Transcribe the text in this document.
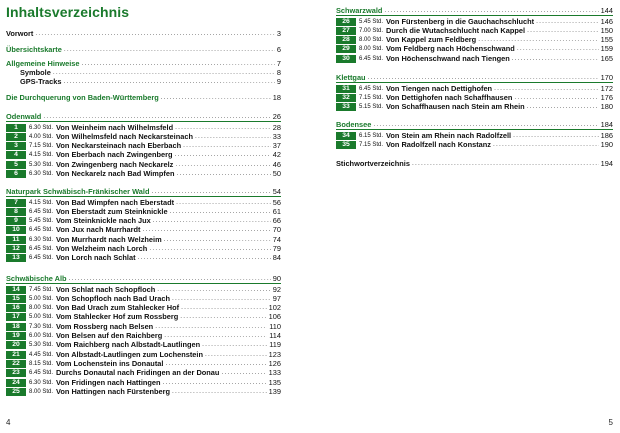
Inhaltsverzeichnis
Vorwort .....	3
Übersichtskarte .....	6
Allgemeine Hinweise .....	7
Symbole .....	8
GPS-Tracks .....	9
Die Durchquerung von Baden-Württemberg .....	18
Odenwald .....	26
1	6.30 Std. Von Weinheim nach Wilhelmsfeld .....	28
2	4.00 Std. Von Wilhelmsfeld nach Neckarsteinach .....	33
3	7.15 Std. Von Neckarsteinach nach Eberbach .....	37
4	4.15 Std. Von Eberbach nach Zwingenberg .....	42
5	5.30 Std. Von Zwingenberg nach Neckarelz .....	46
6	6.30 Std. Von Neckarelz nach Bad Wimpfen .....	50
Naturpark Schwäbisch-Fränkischer Wald .....	54
7	4.15 Std. Von Bad Wimpfen nach Eberstadt .....	56
8	6.45 Std. Von Eberstadt zum Steinknickle .....	61
9	5.45 Std. Vom Steinknickle nach Jux .....	66
10	6.45 Std. Von Jux nach Murrhardt .....	70
11	6.30 Std. Von Murrhardt nach Welzheim .....	74
12	6.45 Std. Von Welzheim nach Lorch .....	79
13	6.45 Std. Von Lorch nach Schlat .....	84
Schwäbische Alb .....	90
14	7.45 Std. Von Schlat nach Schopfloch .....	92
15	5.00 Std. Von Schopfloch nach Bad Urach .....	97
16	8.00 Std. Von Bad Urach zum Stahlecker Hof .....	102
17	5.00 Std. Vom Stahlecker Hof zum Rossberg .....	106
18	7.30 Std. Vom Rossberg nach Belsen .....	110
19	6.00 Std. Von Belsen auf den Raichberg .....	114
20	5.30 Std. Vom Raichberg nach Albstadt-Lautlingen .....	119
21	4.45 Std. Von Albstadt-Lautlingen zum Lochenstein .....	123
22	8.15 Std. Vom Lochenstein ins Donautal .....	126
23	6.45 Std. Durchs Donautal nach Fridingen an der Donau .....	133
24	6.30 Std. Von Fridingen nach Hattingen .....	135
25	8.00 Std. Von Hattingen nach Fürstenberg .....	139
4
Schwarzwald .....	144
26	5.45 Std. Von Fürstenberg in die Gauchachschlucht .....	146
27	7.00 Std. Durch die Wutachschlucht nach Kappel .....	150
28	8.00 Std. Von Kappel zum Feldberg .....	155
29	8.00 Std. Vom Feldberg nach Höchenschwand .....	159
30	6.45 Std. Von Höchenschwand nach Tiengen .....	165
Klettgau .....	170
31	6.45 Std. Von Tiengen nach Dettighofen .....	172
32	7.15 Std. Von Dettighofen nach Schaffhausen .....	176
33	5.15 Std. Von Schaffhausen nach Stein am Rhein .....	180
Bodensee .....	184
34	6.15 Std. Von Stein am Rhein nach Radolfzell .....	186
35	7.15 Std. Von Radolfzell nach Konstanz .....	190
Stichwortverzeichnis .....	194
5
